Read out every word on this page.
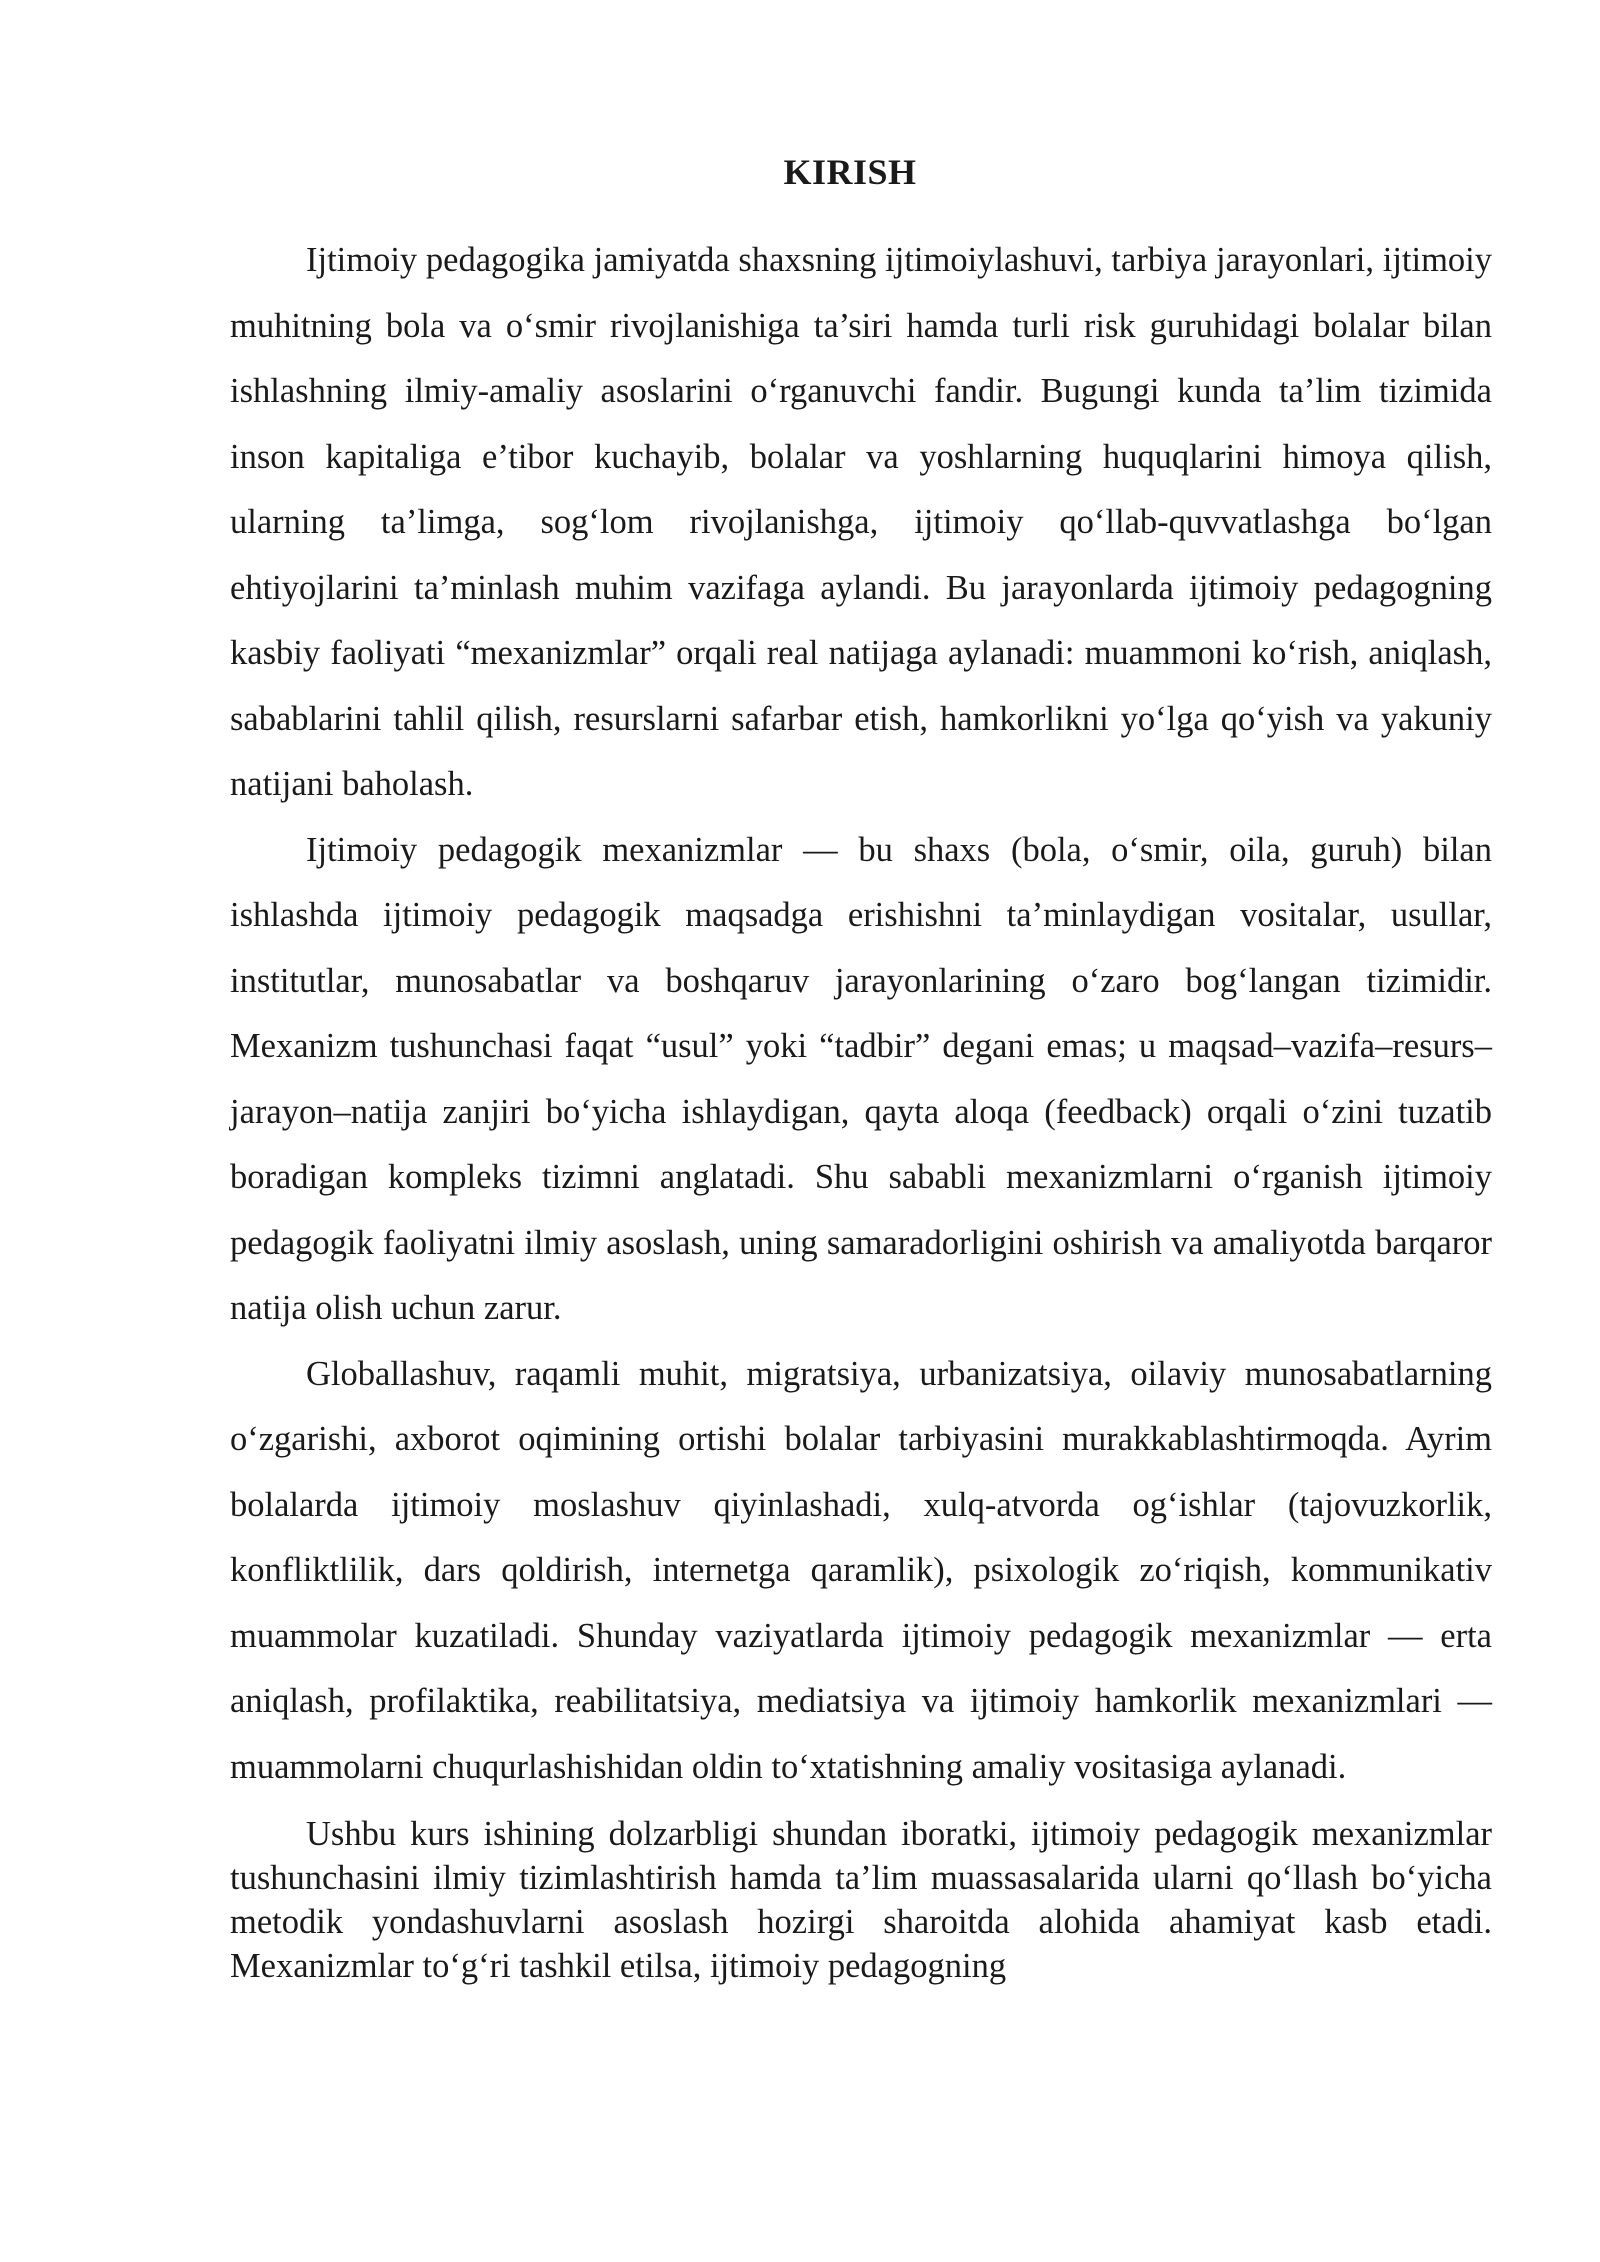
KIRISH

Ijtimoiy pedagogika jamiyatda shaxsning ijtimoiylashuvi, tarbiya jarayonlari, ijtimoiy muhitning bola va o‘smir rivojlanishiga ta’siri hamda turli risk guruhidagi bolalar bilan ishlashning ilmiy-amaliy asoslarini o‘rganuvchi fandir. Bugungi kunda ta’lim tizimida inson kapitaliga e’tibor kuchayib, bolalar va yoshlarning huquqlarini himoya qilish, ularning ta’limga, sog‘lom rivojlanishga, ijtimoiy qo‘llab-quvvatlashga bo‘lgan ehtiyojlarini ta’minlash muhim vazifaga aylandi. Bu jarayonlarda ijtimoiy pedagogning kasbiy faoliyati “mexanizmlar” orqali real natijaga aylanadi: muammoni ko‘rish, aniqlash, sabablarini tahlil qilish, resurslarni safarbar etish, hamkorlikni yo‘lga qo‘yish va yakuniy natijani baholash.

Ijtimoiy pedagogik mexanizmlar — bu shaxs (bola, o‘smir, oila, guruh) bilan ishlashda ijtimoiy pedagogik maqsadga erishishni ta’minlaydigan vositalar, usullar, institutlar, munosabatlar va boshqaruv jarayonlarining o‘zaro bog‘langan tizimidir. Mexanizm tushunchasi faqat “usul” yoki “tadbir” degani emas; u maqsad–vazifa–resurs–jarayon–natija zanjiri bo‘yicha ishlaydigan, qayta aloqa (feedback) orqali o‘zini tuzatib boradigan kompleks tizimni anglatadi. Shu sababli mexanizmlarni o‘rganish ijtimoiy pedagogik faoliyatni ilmiy asoslash, uning samaradorligini oshirish va amaliyotda barqaror natija olish uchun zarur.

Globallashuv, raqamli muhit, migratsiya, urbanizatsiya, oilaviy munosabatlarning o‘zgarishi, axborot oqimining ortishi bolalar tarbiyasini murakkablashtirmoqda. Ayrim bolalarda ijtimoiy moslashuv qiyinlashadi, xulq-atvorda og‘ishlar (tajovuzkorlik, konfliktlilik, dars qoldirish, internetga qaramlik), psixologik zo‘riqish, kommunikativ muammolar kuzatiladi. Shunday vaziyatlarda ijtimoiy pedagogik mexanizmlar — erta aniqlash, profilaktika, reabilitatsiya, mediatsiya va ijtimoiy hamkorlik mexanizmlari — muammolarni chuqurlashishidan oldin to‘xtatishning amaliy vositasiga aylanadi.

Ushbu kurs ishining dolzarbligi shundan iboratki, ijtimoiy pedagogik mexanizmlar tushunchasini ilmiy tizimlashtirish hamda ta’lim muassasalarida ularni qo‘llash bo‘yicha metodik yondashuvlarni asoslash hozirgi sharoitda alohida ahamiyat kasb etadi. Mexanizmlar to‘g‘ri tashkil etilsa, ijtimoiy pedagogning
